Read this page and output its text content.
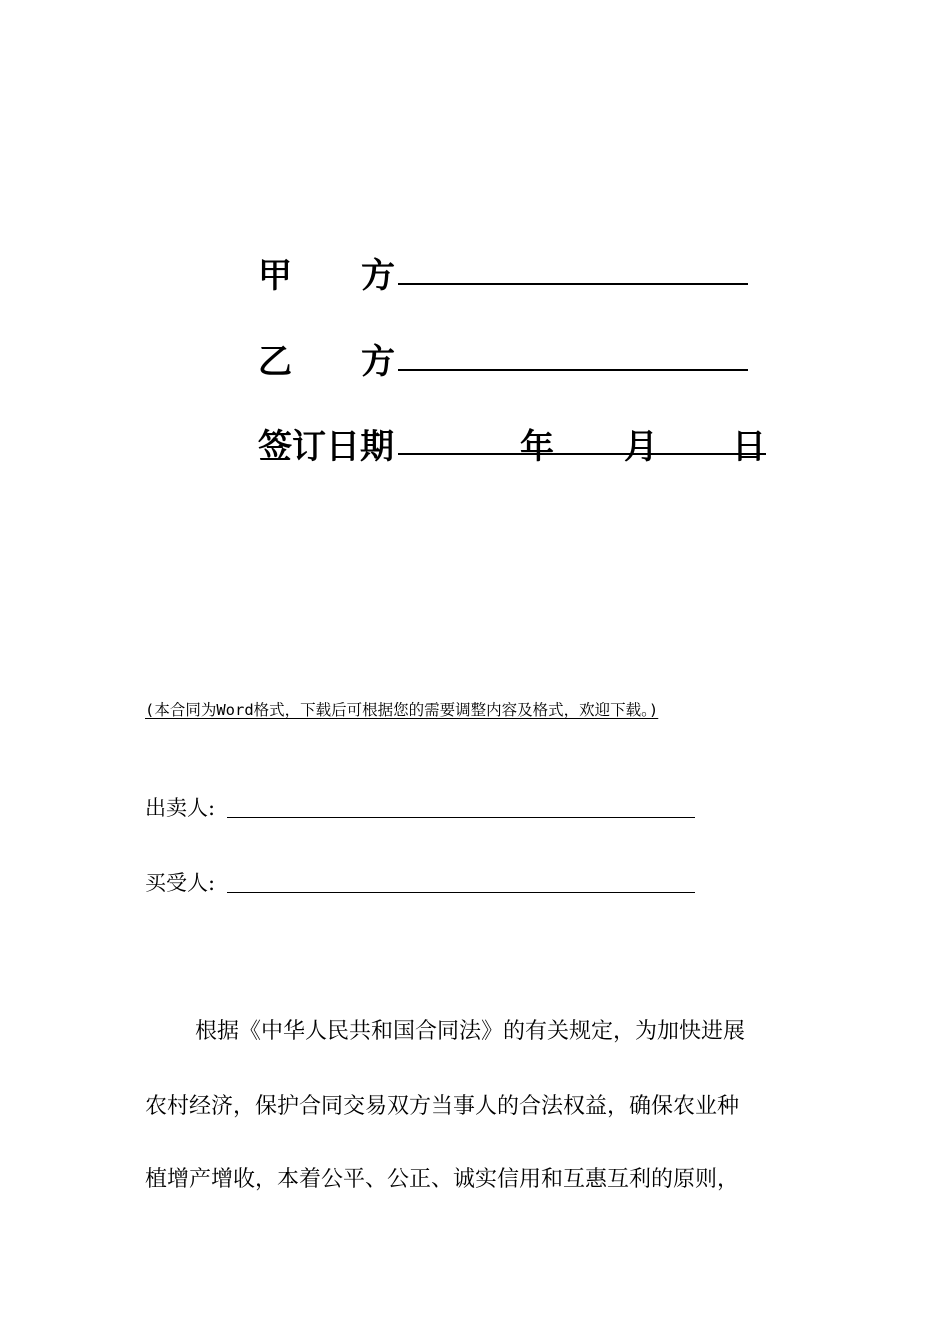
甲 方
乙 方
签订日期	年 月 日
(本合同为Word格式，下载后可根据您的需要调整内容及格式，欢迎下载。)
出卖人:
买受人:
根据《中华人民共和国合同法》的有关规定，为加快进展
农村经济，保护合同交易双方当事人的合法权益，确保农业种
植增产增收，本着公平、公正、诚实信用和互惠互利的原则，
